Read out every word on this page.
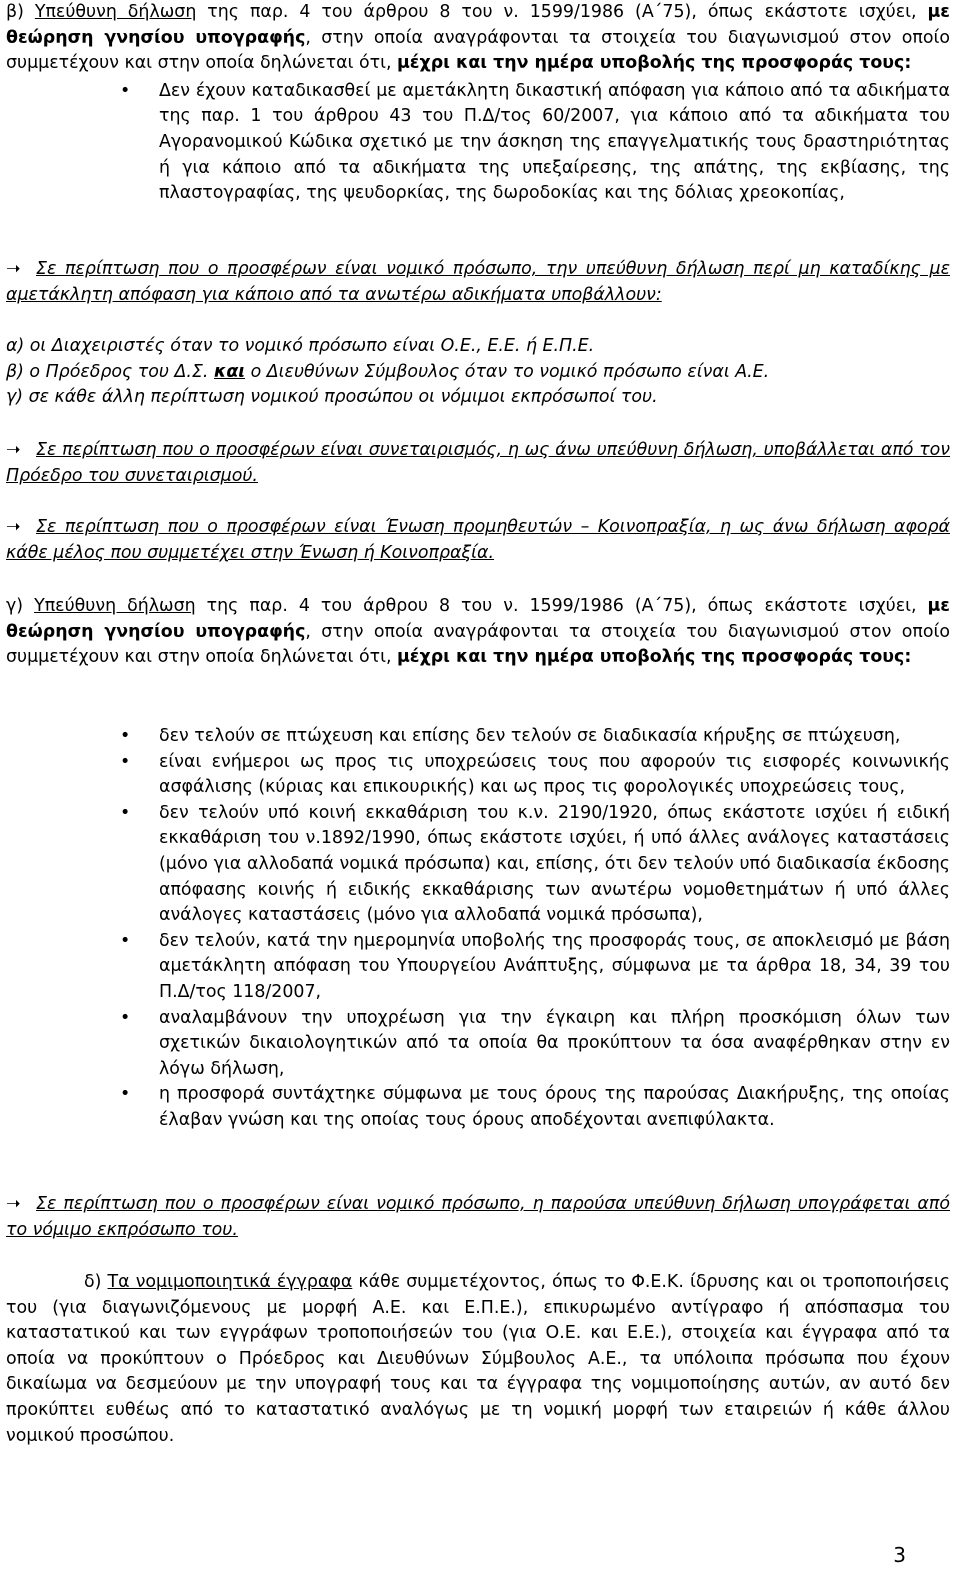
β) Υπεύθυνη δήλωση της παρ. 4 του άρθρου 8 του ν. 1599/1986 (Α΄75), όπως εκάστοτε ισχύει, με θεώρηση γνησίου υπογραφής, στην οποία αναγράφονται τα στοιχεία του διαγωνισμού στον οποίο συμμετέχουν και στην οποία δηλώνεται ότι, μέχρι και την ημέρα υποβολής της προσφοράς τους:

• Δεν έχουν καταδικασθεί με αμετάκλητη δικαστική απόφαση για κάποιο από τα αδικήματα της παρ. 1 του άρθρου 43 του Π.Δ/τος 60/2007, για κάποιο από τα αδικήματα του Αγορανομικού Κώδικα σχετικό με την άσκηση της επαγγελματικής τους δραστηριότητας ή για κάποιο από τα αδικήματα της υπεξαίρεσης, της απάτης, της εκβίασης, της πλαστογραφίας, της ψευδορκίας, της δωροδοκίας και της δόλιας χρεοκοπίας,

➝ Σε περίπτωση που ο προσφέρων είναι νομικό πρόσωπο, την υπεύθυνη δήλωση περί μη καταδίκης με αμετάκλητη απόφαση για κάποιο από τα ανωτέρω αδικήματα υποβάλλουν:

α) οι Διαχειριστές όταν το νομικό πρόσωπο είναι Ο.Ε., Ε.Ε. ή Ε.Π.Ε.

β) ο Πρόεδρος του Δ.Σ. και ο Διευθύνων Σύμβουλος όταν το νομικό πρόσωπο είναι Α.Ε.

γ) σε κάθε άλλη περίπτωση νομικού προσώπου οι νόμιμοι εκπρόσωποί του.

➝ Σε περίπτωση που ο προσφέρων είναι συνεταιρισμός, η ως άνω υπεύθυνη δήλωση, υποβάλλεται από τον Πρόεδρο του συνεταιρισμού.

➝ Σε περίπτωση που ο προσφέρων είναι Ένωση προμηθευτών – Κοινοπραξία, η ως άνω δήλωση αφορά κάθε μέλος που συμμετέχει στην Ένωση ή Κοινοπραξία.

γ) Υπεύθυνη δήλωση της παρ. 4 του άρθρου 8 του ν. 1599/1986 (Α΄75), όπως εκάστοτε ισχύει, με θεώρηση γνησίου υπογραφής, στην οποία αναγράφονται τα στοιχεία του διαγωνισμού στον οποίο συμμετέχουν και στην οποία δηλώνεται ότι, μέχρι και την ημέρα υποβολής της προσφοράς τους:

• δεν τελούν σε πτώχευση και επίσης δεν τελούν σε διαδικασία κήρυξης σε πτώχευση,
• είναι ενήμεροι ως προς τις υποχρεώσεις τους που αφορούν τις εισφορές κοινωνικής ασφάλισης (κύριας και επικουρικής) και ως προς τις φορολογικές υποχρεώσεις τους,
• δεν τελούν υπό κοινή εκκαθάριση του κ.ν. 2190/1920, όπως εκάστοτε ισχύει ή ειδική εκκαθάριση του ν.1892/1990, όπως εκάστοτε ισχύει, ή υπό άλλες ανάλογες καταστάσεις (μόνο για αλλοδαπά νομικά πρόσωπα) και, επίσης, ότι δεν τελούν υπό διαδικασία έκδοσης απόφασης κοινής ή ειδικής εκκαθάρισης των ανωτέρω νομοθετημάτων ή υπό άλλες ανάλογες καταστάσεις (μόνο για αλλοδαπά νομικά πρόσωπα),
• δεν τελούν, κατά την ημερομηνία υποβολής της προσφοράς τους, σε αποκλεισμό με βάση αμετάκλητη απόφαση του Υπουργείου Ανάπτυξης, σύμφωνα με τα άρθρα 18, 34, 39 του Π.Δ/τος 118/2007,
• αναλαμβάνουν την υποχρέωση για την έγκαιρη και πλήρη προσκόμιση όλων των σχετικών δικαιολογητικών από τα οποία θα προκύπτουν τα όσα αναφέρθηκαν στην εν λόγω δήλωση,
• η προσφορά συντάχτηκε σύμφωνα με τους όρους της παρούσας Διακήρυξης, της οποίας έλαβαν γνώση και της οποίας τους όρους αποδέχονται ανεπιφύλακτα.

➝ Σε περίπτωση που ο προσφέρων είναι νομικό πρόσωπο, η παρούσα υπεύθυνη δήλωση υπογράφεται από το νόμιμο εκπρόσωπο του.

δ) Τα νομιμοποιητικά έγγραφα κάθε συμμετέχοντος, όπως το Φ.Ε.Κ. ίδρυσης και οι τροποποιήσεις του (για διαγωνιζόμενους με μορφή Α.Ε. και Ε.Π.Ε.), επικυρωμένο αντίγραφο ή απόσπασμα του καταστατικού και των εγγράφων τροποποιήσεών του (για Ο.Ε. και Ε.Ε.), στοιχεία και έγγραφα από τα οποία να προκύπτουν ο Πρόεδρος και Διευθύνων Σύμβουλος Α.Ε., τα υπόλοιπα πρόσωπα που έχουν δικαίωμα να δεσμεύουν με την υπογραφή τους και τα έγγραφα της νομιμοποίησης αυτών, αν αυτό δεν προκύπτει ευθέως από το καταστατικό αναλόγως με τη νομική μορφή των εταιρειών ή κάθε άλλου νομικού προσώπου.

3
